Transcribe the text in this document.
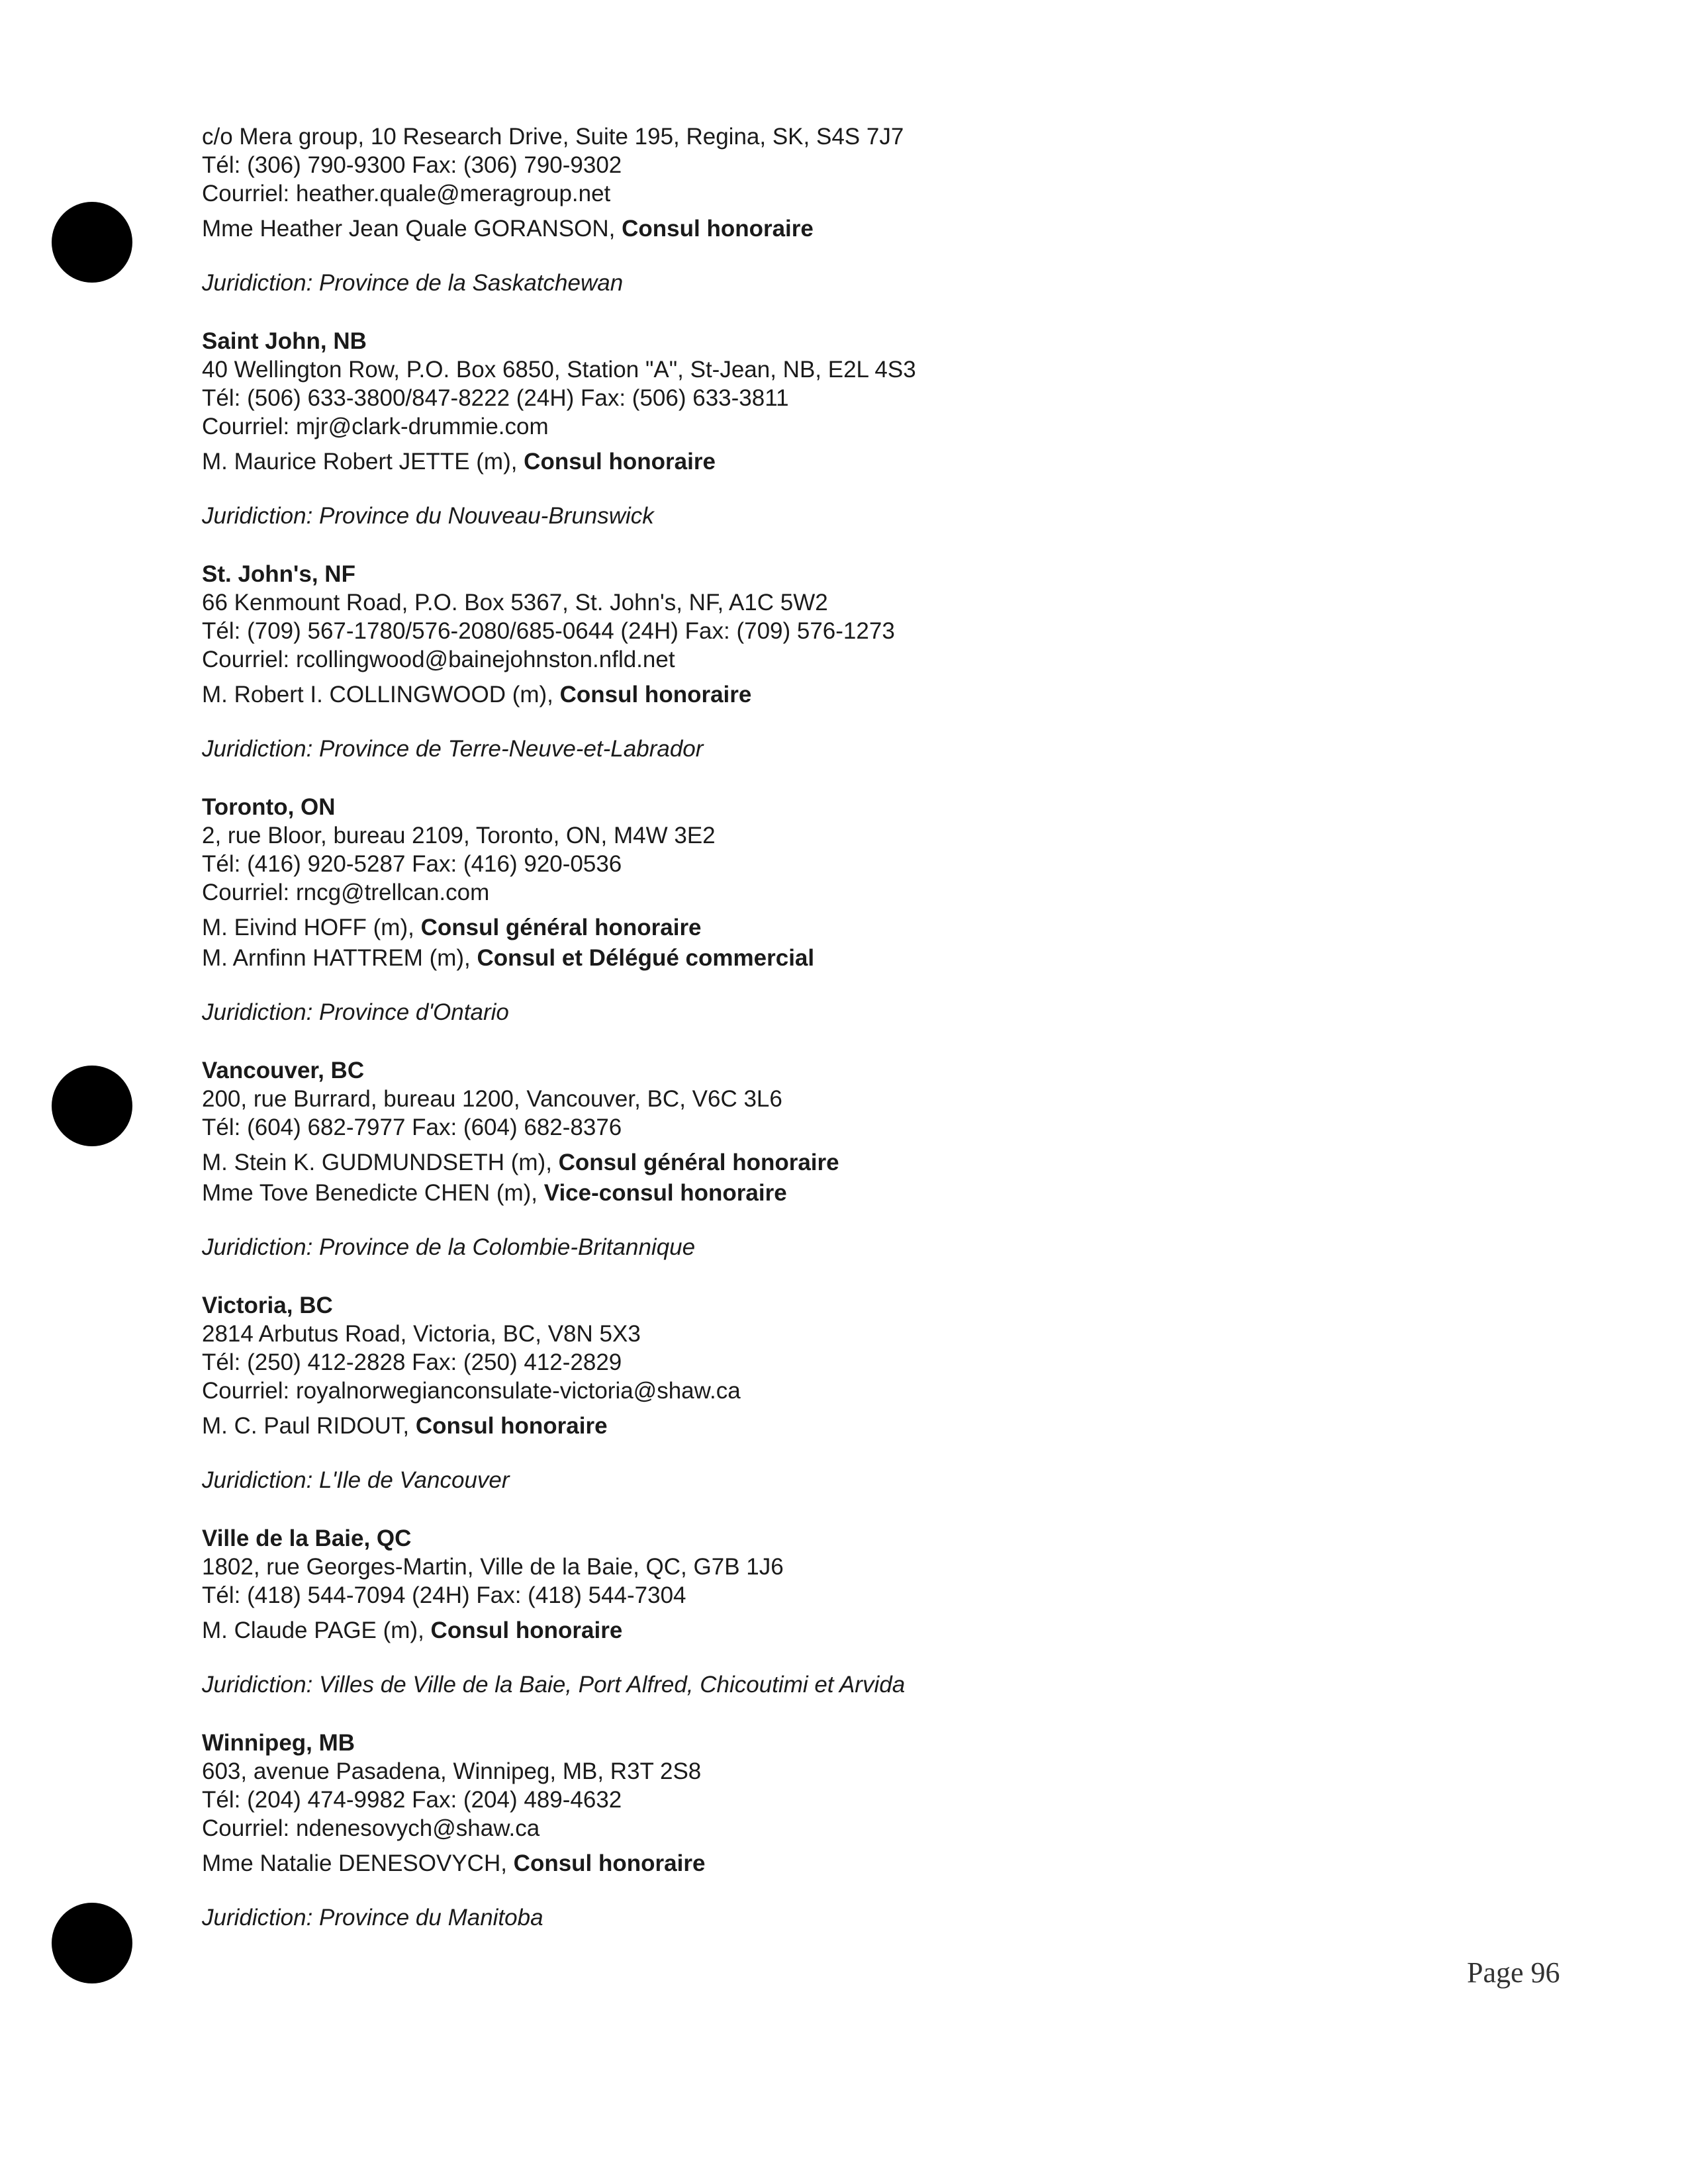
c/o Mera group, 10 Research Drive, Suite 195, Regina, SK, S4S 7J7
Tél: (306) 790-9300 Fax: (306) 790-9302
Courriel: heather.quale@meragroup.net
Mme Heather Jean Quale GORANSON, Consul honoraire
Juridiction: Province de la Saskatchewan
Saint John, NB
40 Wellington Row, P.O. Box 6850, Station "A", St-Jean, NB, E2L 4S3
Tél: (506) 633-3800/847-8222 (24H) Fax: (506) 633-3811
Courriel: mjr@clark-drummie.com
M. Maurice Robert JETTE (m), Consul honoraire
Juridiction: Province du Nouveau-Brunswick
St. John's, NF
66 Kenmount Road, P.O. Box 5367, St. John's, NF, A1C 5W2
Tél: (709) 567-1780/576-2080/685-0644 (24H) Fax: (709) 576-1273
Courriel: rcollingwood@bainejohnston.nfld.net
M. Robert I. COLLINGWOOD (m), Consul honoraire
Juridiction: Province de Terre-Neuve-et-Labrador
Toronto, ON
2, rue Bloor, bureau 2109, Toronto, ON, M4W 3E2
Tél: (416) 920-5287 Fax: (416) 920-0536
Courriel: rncg@trellcan.com
M. Eivind HOFF (m), Consul général honoraire
M. Arnfinn HATTREM (m), Consul et Délégué commercial
Juridiction: Province d'Ontario
Vancouver, BC
200, rue Burrard, bureau 1200, Vancouver, BC, V6C 3L6
Tél: (604) 682-7977 Fax: (604) 682-8376
M. Stein K. GUDMUNDSETH (m), Consul général honoraire
Mme Tove Benedicte CHEN (m), Vice-consul honoraire
Juridiction: Province de la Colombie-Britannique
Victoria, BC
2814 Arbutus Road, Victoria, BC, V8N 5X3
Tél: (250) 412-2828 Fax: (250) 412-2829
Courriel: royalnorwegianconsulate-victoria@shaw.ca
M. C. Paul RIDOUT, Consul honoraire
Juridiction: L'Ile de Vancouver
Ville de la Baie, QC
1802, rue Georges-Martin, Ville de la Baie, QC, G7B 1J6
Tél: (418) 544-7094 (24H) Fax: (418) 544-7304
M. Claude PAGE (m), Consul honoraire
Juridiction: Villes de Ville de la Baie, Port Alfred, Chicoutimi et Arvida
Winnipeg, MB
603, avenue Pasadena, Winnipeg, MB, R3T 2S8
Tél: (204) 474-9982 Fax: (204) 489-4632
Courriel: ndenesovych@shaw.ca
Mme Natalie DENESOVYCH, Consul honoraire
Juridiction: Province du Manitoba
Page 96
